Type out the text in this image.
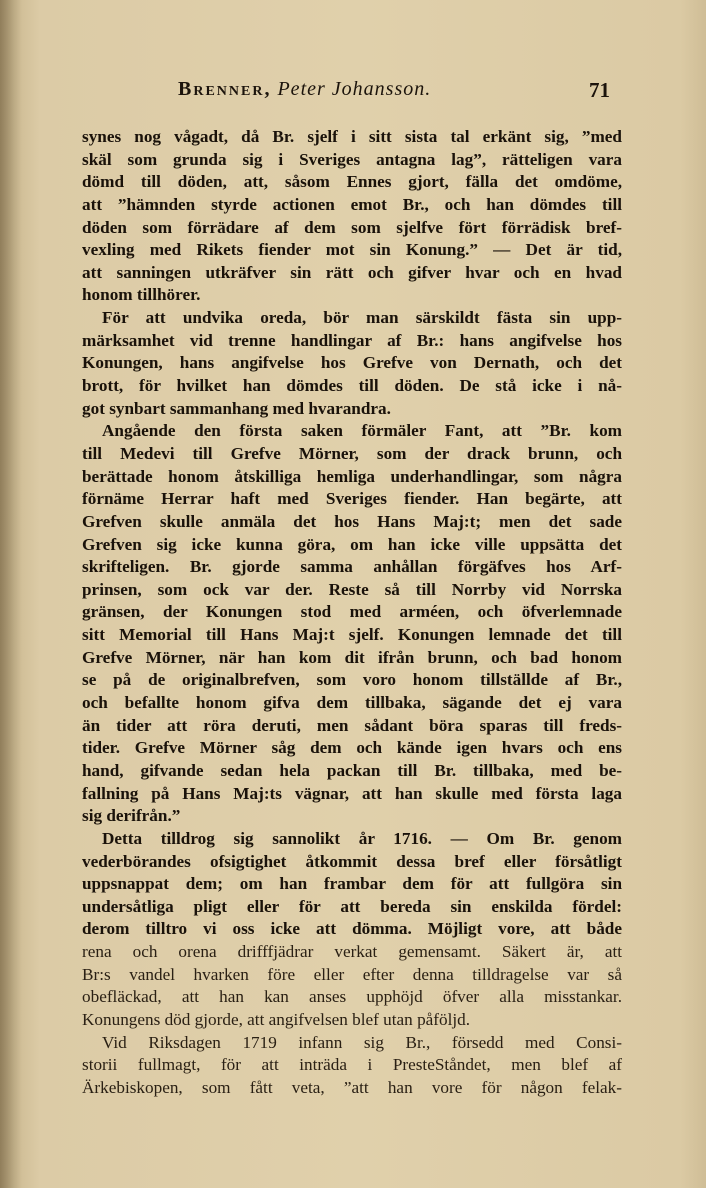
Brenner, Peter Johansson.	71
synes nog vågadt, då Br. sjelf i sitt sista tal erkänt sig, ”med
skäl som grunda sig i Sveriges antagna lag”, rätteligen vara
dömd till döden, att, såsom Ennes gjort, fälla det omdöme,
att ”hämnden styrde actionen emot Br., och han dömdes till
döden som förrädare af dem som sjelfve fört förrädisk bref-
vexling med Rikets fiender mot sin Konung.” — Det är tid,
att sanningen utkräfver sin rätt och gifver hvar och en hvad
honom tillhörer.
För att undvika oreda, bör man särskildt fästa sin upp-
märksamhet vid trenne handlingar af Br.: hans angifvelse hos
Konungen, hans angifvelse hos Grefve von Dernath, och det
brott, för hvilket han dömdes till döden. De stå icke i nå-
got synbart sammanhang med hvarandra.
Angående den första saken förmäler Fant, att ”Br. kom
till Medevi till Grefve Mörner, som der drack brunn, och
berättade honom åtskilliga hemliga underhandlingar, som några
förnäme Herrar haft med Sveriges fiender. Han begärte, att
Grefven skulle anmäla det hos Hans Maj:t; men det sade
Grefven sig icke kunna göra, om han icke ville uppsätta det
skrifteligen. Br. gjorde samma anhållan förgäfves hos Arf-
prinsen, som ock var der. Reste så till Norrby vid Norrska
gränsen, der Konungen stod med arméen, och öfverlemnade
sitt Memorial till Hans Maj:t sjelf. Konungen lemnade det till
Grefve Mörner, när han kom dit ifrån brunn, och bad honom
se på de originalbrefven, som voro honom tillställde af Br.,
och befallte honom gifva dem tillbaka, sägande det ej vara
än tider att röra deruti, men sådant böra sparas till freds-
tider. Grefve Mörner såg dem och kände igen hvars och ens
hand, gifvande sedan hela packan till Br. tillbaka, med be-
fallning på Hans Maj:ts vägnar, att han skulle med första laga
sig derifrån.”
Detta tilldrog sig sannolikt år 1716. — Om Br. genom
vederbörandes ofsigtighet åtkommit dessa bref eller försåtligt
uppsnappat dem; om han frambar dem för att fullgöra sin
undersåtliga pligt eller för att bereda sin enskilda fördel:
derom tilltro vi oss icke att dömma. Möjligt vore, att både
rena och orena drifffjädrar verkat gemensamt. Säkert är, att
Br:s vandel hvarken före eller efter denna tilldragelse var så
obefläckad, att han kan anses upphöjd öfver alla misstankar.
Konungens död gjorde, att angifvelsen blef utan påföljd.
Vid Riksdagen 1719 infann sig Br., försedd med Consi-
storii fullmagt, för att inträda i PresteStåndet, men blef af
Ärkebiskopen, som fått veta, ”att han vore för någon felak-
